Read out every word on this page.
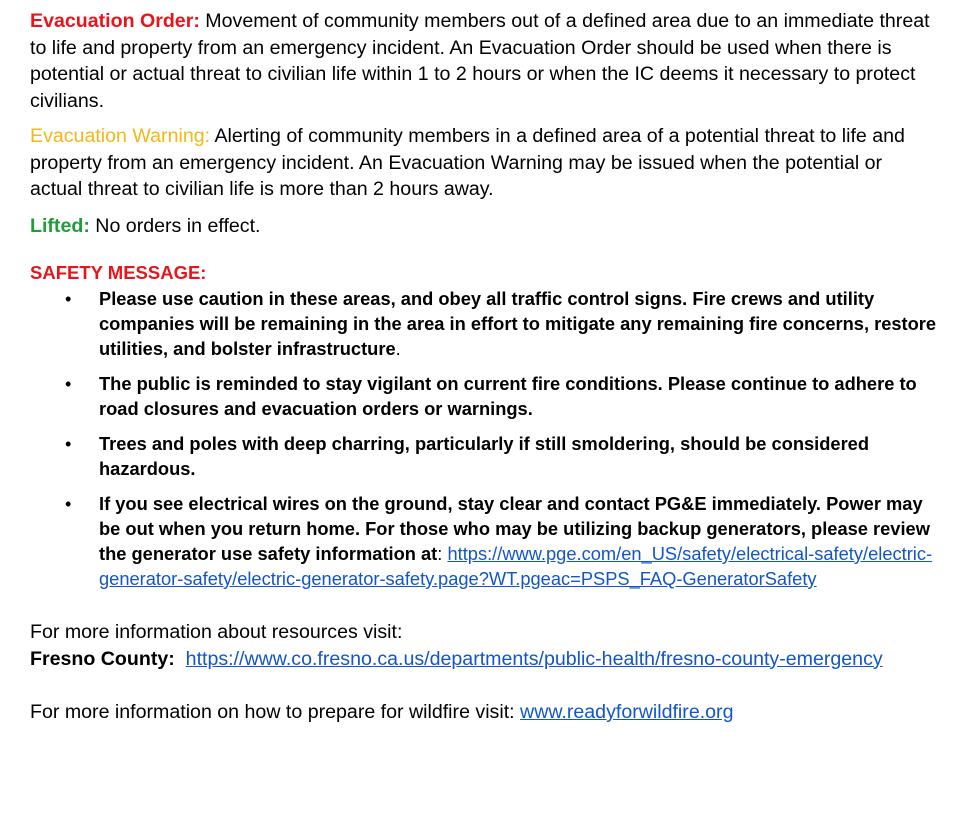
Evacuation Order: Movement of community members out of a defined area due to an immediate threat to life and property from an emergency incident. An Evacuation Order should be used when there is potential or actual threat to civilian life within 1 to 2 hours or when the IC deems it necessary to protect civilians.

Evacuation Warning: Alerting of community members in a defined area of a potential threat to life and property from an emergency incident. An Evacuation Warning may be issued when the potential or actual threat to civilian life is more than 2 hours away.

Lifted: No orders in effect.

SAFETY MESSAGE:
• Please use caution in these areas, and obey all traffic control signs. Fire crews and utility companies will be remaining in the area in effort to mitigate any remaining fire concerns, restore utilities, and bolster infrastructure.
• The public is reminded to stay vigilant on current fire conditions. Please continue to adhere to road closures and evacuation orders or warnings.
• Trees and poles with deep charring, particularly if still smoldering, should be considered hazardous.
• If you see electrical wires on the ground, stay clear and contact PG&E immediately. Power may be out when you return home. For those who may be utilizing backup generators, please review the generator use safety information at: https://www.pge.com/en_US/safety/electrical-safety/electric-generator-safety/electric-generator-safety.page?WT.pgeac=PSPS_FAQ-GeneratorSafety
For more information about resources visit:
Fresno County: https://www.co.fresno.ca.us/departments/public-health/fresno-county-emergency
For more information on how to prepare for wildfire visit: www.readyforwildfire.org
